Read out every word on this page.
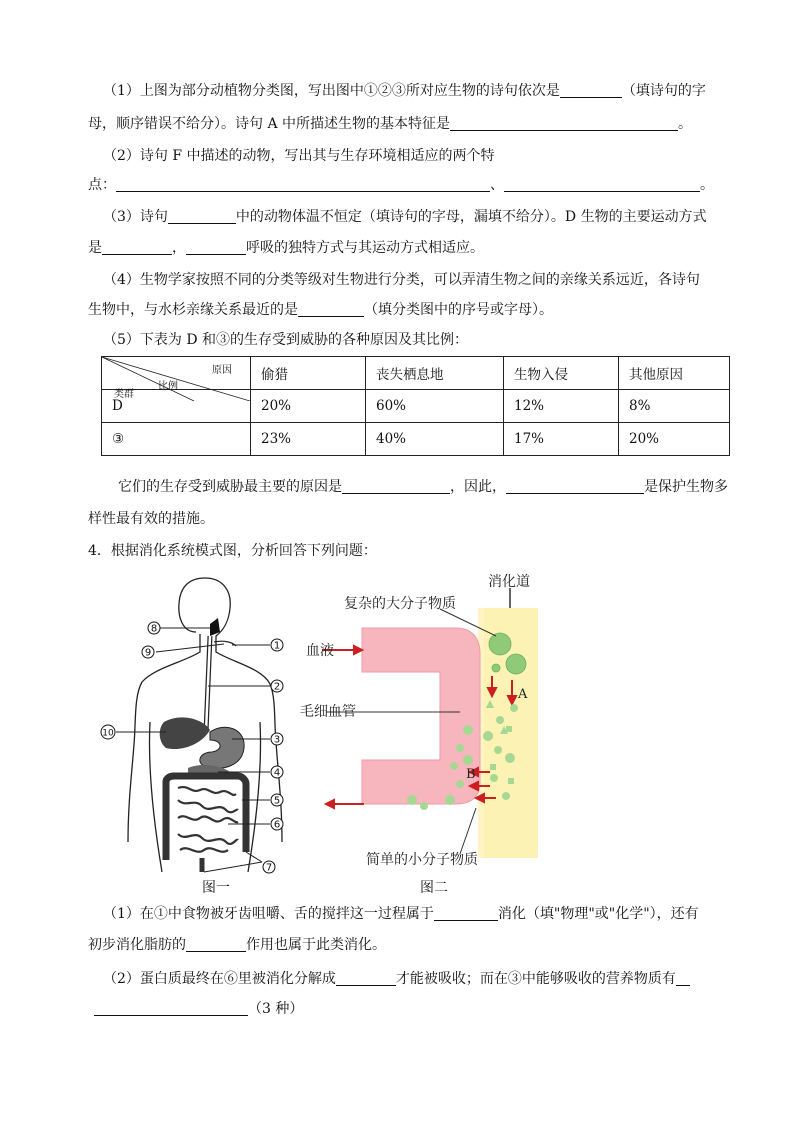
（1）上图为部分动植物分类图，写出图中①②③所对应生物的诗句依次是	（填诗句的字
母，顺序错误不给分）。诗句 A 中所描述生物的基本特征是	。
（2）诗句 F 中描述的动物，写出其与生存环境相适应的两个特
点：	、	。
（3）诗句	中的动物体温不恒定（填诗句的字母，漏填不给分）。D 生物的主要运动方式
是	，	呼吸的独特方式与其运动方式相适应。
（4）生物学家按照不同的分类等级对生物进行分类，可以弄清生物之间的亲缘关系远近，各诗句
生物中，与水杉亲缘关系最近的是	（填分类图中的序号或字母）。
（5）下表为 D 和③的生存受到威胁的各种原因及其比例：
原因
比例
类群	偷猎	丧失栖息地	生物入侵	其他原因
D	20%	60%	12%	8%
③	23%	40%	17%	20%
它们的生存受到威胁最主要的原因是	，因此，	是保护生物多
样性最有效的措施。
4．根据消化系统模式图，分析回答下列问题：
8
9
10
1
2
3
4
5
6
7
图一
消化道
复杂的大分子物质
血液
毛细血管
简单的小分子物质
A
B
图二
（1）在①中食物被牙齿咀嚼、舌的搅拌这一过程属于	消化（填"物理"或"化学"），还有
初步消化脂肪的	作用也属于此类消化。
（2）蛋白质最终在⑥里被消化分解成	才能被吸收；而在③中能够吸收的营养物质有
（3 种）
